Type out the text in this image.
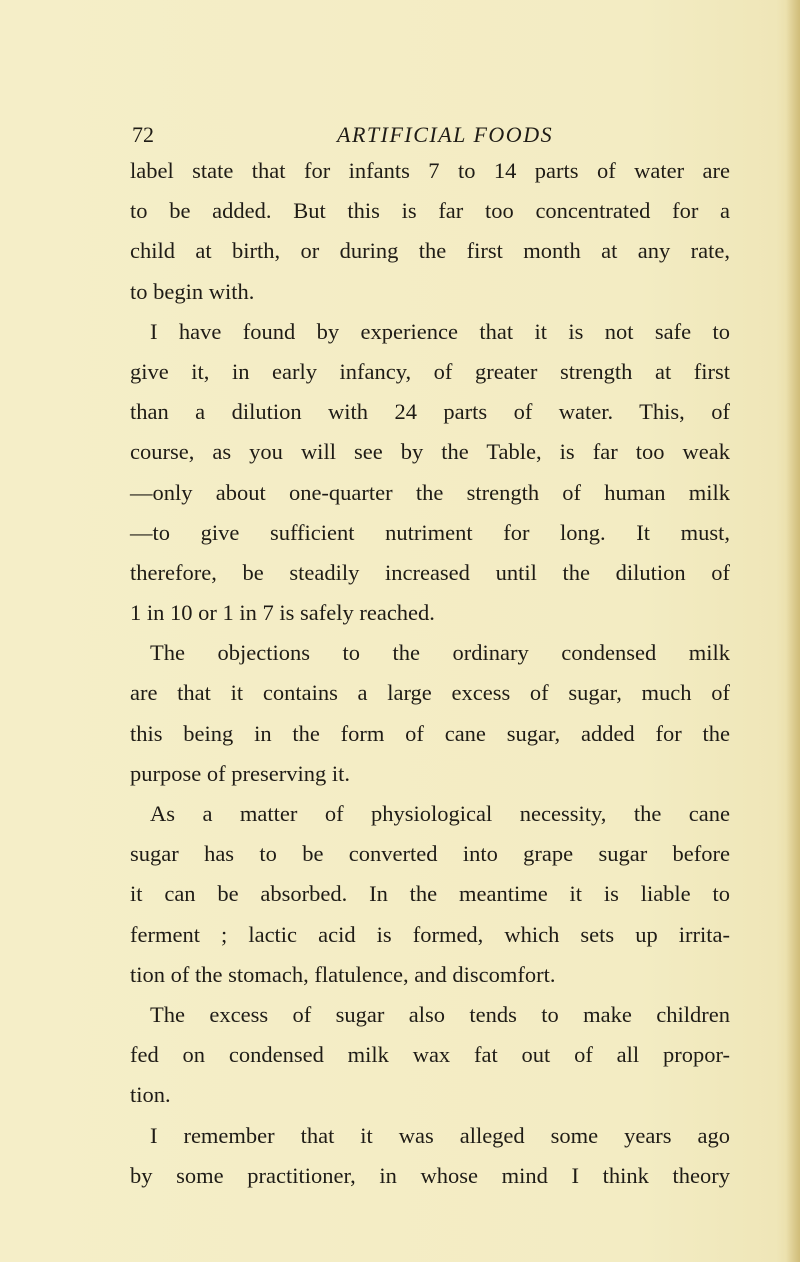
72	ARTIFICIAL FOODS
label state that for infants 7 to 14 parts of water are
to be added. But this is far too concentrated for a
child at birth, or during the first month at any rate,
to begin with.
I have found by experience that it is not safe to
give it, in early infancy, of greater strength at first
than a dilution with 24 parts of water. This, of
course, as you will see by the Table, is far too weak
—only about one-quarter the strength of human milk
—to give sufficient nutriment for long. It must,
therefore, be steadily increased until the dilution of
1 in 10 or 1 in 7 is safely reached.
The objections to the ordinary condensed milk
are that it contains a large excess of sugar, much of
this being in the form of cane sugar, added for the
purpose of preserving it.
As a matter of physiological necessity, the cane
sugar has to be converted into grape sugar before
it can be absorbed. In the meantime it is liable to
ferment ; lactic acid is formed, which sets up irrita-
tion of the stomach, flatulence, and discomfort.
The excess of sugar also tends to make children
fed on condensed milk wax fat out of all propor-
tion.
I remember that it was alleged some years ago
by some practitioner, in whose mind I think theory
